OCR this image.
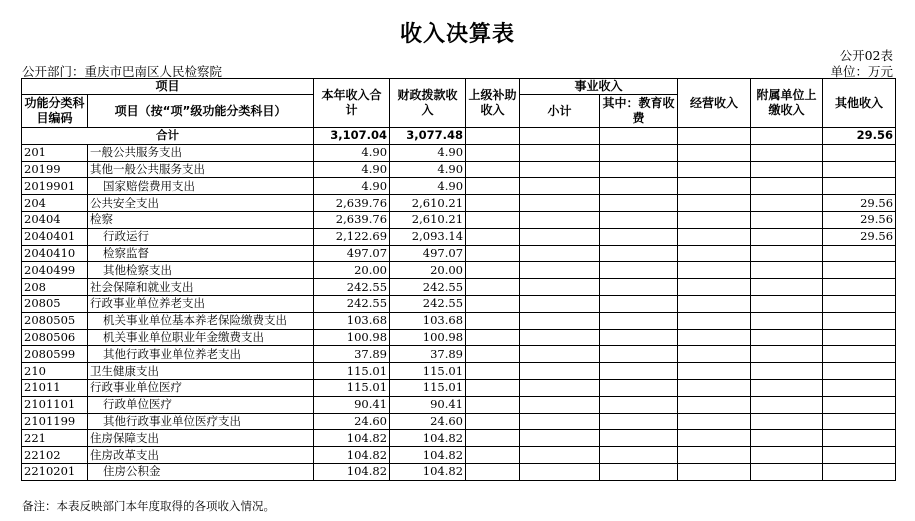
收入决算表
公开部门：重庆市巴南区人民检察院
公开02表
单位：万元
项目		本年收入合计	财政拨款收入	上级补助收入	事业收入		经营收入	附属单位上缴收入	其他收入
功能分类科目编码	项目（按“项”级功能分类科目）								
					小计	其中：教育收费			
合计		3,107.04	3,077.48						29.56
201	一般公共服务支出	4.90	4.90						
20199	其他一般公共服务支出	4.90	4.90						
2019901	国家赔偿费用支出	4.90	4.90						
204	公共安全支出	2,639.76	2,610.21						29.56
20404	检察	2,639.76	2,610.21						29.56
2040401	行政运行	2,122.69	2,093.14						29.56
2040410	检察监督	497.07	497.07						
2040499	其他检察支出	20.00	20.00						
208	社会保障和就业支出	242.55	242.55						
20805	行政事业单位养老支出	242.55	242.55						
2080505	机关事业单位基本养老保险缴费支出	103.68	103.68						
2080506	机关事业单位职业年金缴费支出	100.98	100.98						
2080599	其他行政事业单位养老支出	37.89	37.89						
210	卫生健康支出	115.01	115.01						
21011	行政事业单位医疗	115.01	115.01						
2101101	行政单位医疗	90.41	90.41						
2101199	其他行政事业单位医疗支出	24.60	24.60						
221	住房保障支出	104.82	104.82						
22102	住房改革支出	104.82	104.82						
2210201	住房公积金	104.82	104.82						
备注：本表反映部门本年度取得的各项收入情况。
